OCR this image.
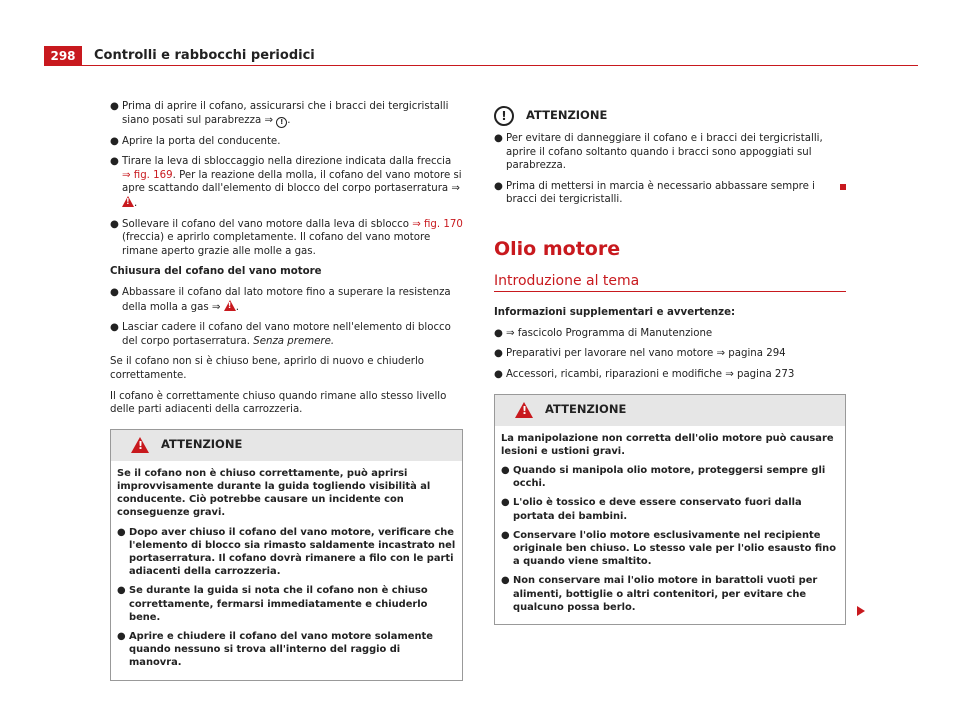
298	Controlli e rabbocchi periodici
● Prima di aprire il cofano, assicurarsi che i bracci dei tergicristalli siano posati sul parabrezza ⇒ ! .
● Aprire la porta del conducente.
● Tirare la leva di sbloccaggio nella direzione indicata dalla freccia ⇒ fig. 169. Per la reazione della molla, il cofano del vano motore si apre scattando dall'elemento di blocco del corpo portaserratura ⇒ !.
● Sollevare il cofano del vano motore dalla leva di sblocco ⇒ fig. 170 (freccia) e aprirlo completamente. Il cofano del vano motore rimane aperto grazie alle molle a gas.
Chiusura del cofano del vano motore
● Abbassare il cofano dal lato motore fino a superare la resistenza della molla a gas ⇒ !.
● Lasciar cadere il cofano del vano motore nell'elemento di blocco del corpo portaserratura. Senza premere.
Se il cofano non si è chiuso bene, aprirlo di nuovo e chiuderlo correttamente.
Il cofano è correttamente chiuso quando rimane allo stesso livello delle parti adiacenti della carrozzeria.
!
ATTENZIONE
Se il cofano non è chiuso correttamente, può aprirsi improvvisamente durante la guida togliendo visibilità al conducente. Ciò potrebbe causare un incidente con conseguenze gravi.
● Dopo aver chiuso il cofano del vano motore, verificare che l'elemento di blocco sia rimasto saldamente incastrato nel portaserratura. Il cofano dovrà rimanere a filo con le parti adiacenti della carrozzeria.
● Se durante la guida si nota che il cofano non è chiuso correttamente, fermarsi immediatamente e chiuderlo bene.
● Aprire e chiudere il cofano del vano motore solamente quando nessuno si trova all'interno del raggio di manovra.
!	ATTENZIONE
● Per evitare di danneggiare il cofano e i bracci dei tergicristalli, aprire il cofano soltanto quando i bracci sono appoggiati sul parabrezza.
● Prima di mettersi in marcia è necessario abbassare sempre i bracci dei tergicristalli.
Olio motore
Introduzione al tema
Informazioni supplementari e avvertenze:
● ⇒ fascicolo Programma di Manutenzione
● Preparativi per lavorare nel vano motore ⇒ pagina 294
● Accessori, ricambi, riparazioni e modifiche ⇒ pagina 273
!
ATTENZIONE
La manipolazione non corretta dell'olio motore può causare lesioni e ustioni gravi.
● Quando si manipola olio motore, proteggersi sempre gli occhi.
● L'olio è tossico e deve essere conservato fuori dalla portata dei bambini.
● Conservare l'olio motore esclusivamente nel recipiente originale ben chiuso. Lo stesso vale per l'olio esausto fino a quando viene smaltito.
● Non conservare mai l'olio motore in barattoli vuoti per alimenti, bottiglie o altri contenitori, per evitare che qualcuno possa berlo.
